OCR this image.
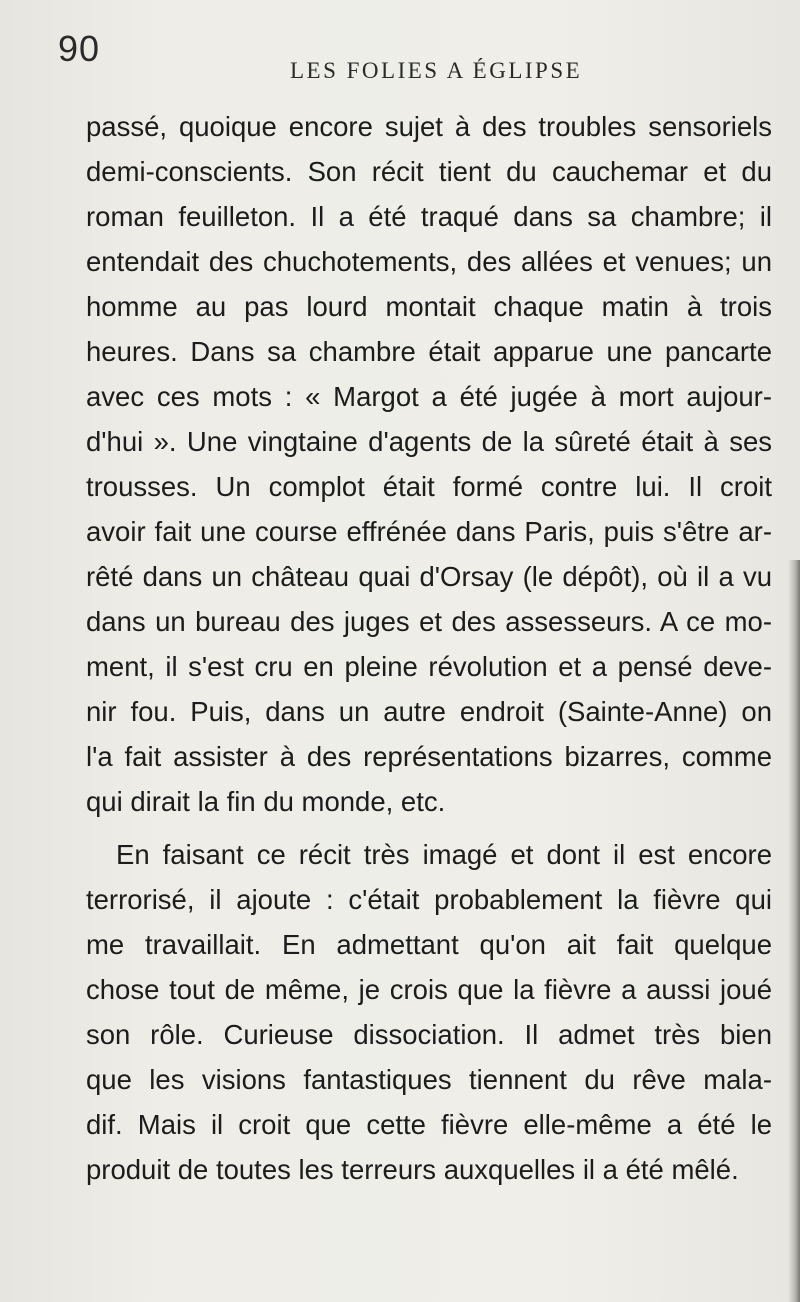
90
LES FOLIES A ÉGLIPSE
passé, quoique encore sujet à des troubles sensoriels
demi-conscients. Son récit tient du cauchemar et du
roman feuilleton. Il a été traqué dans sa chambre; il
entendait des chuchotements, des allées et venues; un
homme au pas lourd montait chaque matin à trois
heures. Dans sa chambre était apparue une pancarte
avec ces mots : « Margot a été jugée à mort aujour-
d'hui ». Une vingtaine d'agents de la sûreté était à ses
trousses. Un complot était formé contre lui. Il croit
avoir fait une course effrénée dans Paris, puis s'être ar-
rêté dans un château quai d'Orsay (le dépôt), où il a vu
dans un bureau des juges et des assesseurs. A ce mo-
ment, il s'est cru en pleine révolution et a pensé deve-
nir fou. Puis, dans un autre endroit (Sainte-Anne) on
l'a fait assister à des représentations bizarres, comme
qui dirait la fin du monde, etc.
En faisant ce récit très imagé et dont il est encore
terrorisé, il ajoute : c'était probablement la fièvre qui
me travaillait. En admettant qu'on ait fait quelque
chose tout de même, je crois que la fièvre a aussi joué
son rôle. Curieuse dissociation. Il admet très bien
que les visions fantastiques tiennent du rêve mala-
dif. Mais il croit que cette fièvre elle-même a été le
produit de toutes les terreurs auxquelles il a été mêlé.
